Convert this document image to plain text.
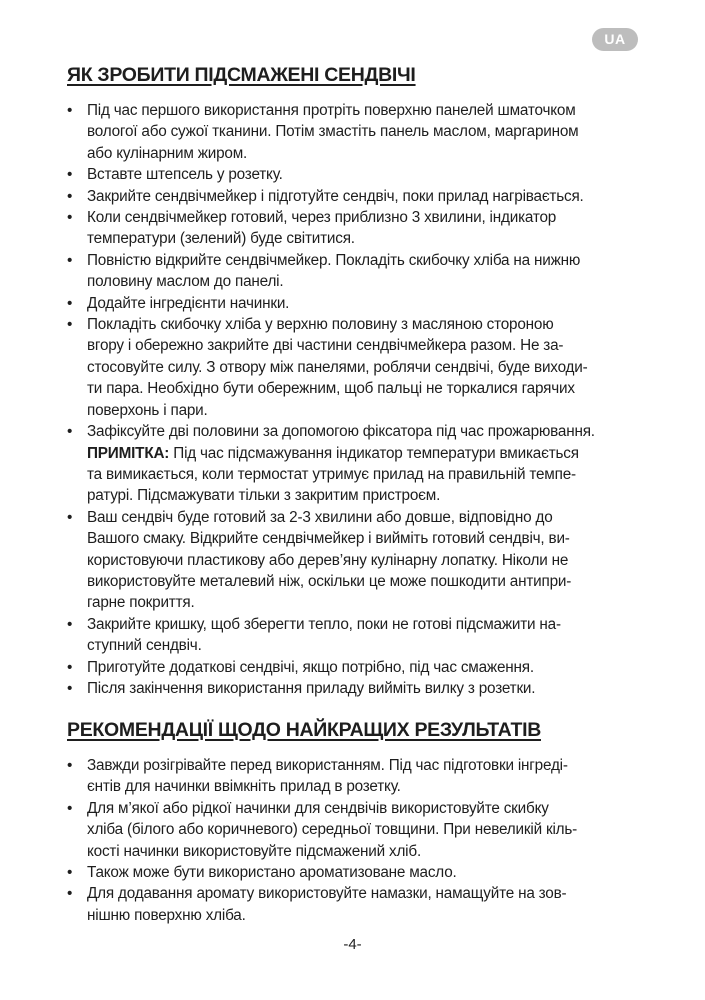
UA
ЯК ЗРОБИТИ ПІДСМАЖЕНІ СЕНДВІЧІ
• Під час першого використання протріть поверхню панелей шматочком
вологої або сужої тканини. Потім змастіть панель маслом, маргарином
або кулінарним жиром.
• Вставте штепсель у розетку.
• Закрийте сендвічмейкер і підготуйте сендвіч, поки прилад нагрівається.
• Коли сендвічмейкер готовий, через приблизно 3 хвилини, індикатор
температури (зелений) буде світитися.
• Повністю відкрийте сендвічмейкер. Покладіть скибочку хліба на нижню
половину маслом до панелі.
• Додайте інгредієнти начинки.
• Покладіть скибочку хліба у верхню половину з масляною стороною
вгору і обережно закрийте дві частини сендвічмейкера разом. Не за-
стосовуйте силу. З отвору між панелями, роблячи сендвічі, буде виходи-
ти пара. Необхідно бути обережним, щоб пальці не торкалися гарячих
поверхонь і пари.
• Зафіксуйте дві половини за допомогою фіксатора під час прожарювання.
ПРИМІТКА: Під час підсмажування індикатор температури вмикається
та вимикається, коли термостат утримує прилад на правильній темпе-
ратурі. Підсмажувати тільки з закритим пристроєм.
• Ваш сендвіч буде готовий за 2-3 хвилини або довше, відповідно до
Вашого смаку. Відкрийте сендвічмейкер і вийміть готовий сендвіч, ви-
користовуючи пластикову або дерев’яну кулінарну лопатку. Ніколи не
використовуйте металевий ніж, оскільки це може пошкодити антипри-
гарне покриття.
• Закрийте кришку, щоб зберегти тепло, поки не готові підсмажити на-
ступний сендвіч.
• Приготуйте додаткові сендвічі, якщо потрібно, під час смаження.
• Після закінчення використання приладу вийміть вилку з розетки.
РЕКОМЕНДАЦІЇ ЩОДО НАЙКРАЩИХ РЕЗУЛЬТАТІВ
• Завжди розігрівайте перед використанням. Під час підготовки інгреді-
єнтів для начинки ввімкніть прилад в розетку.
• Для м’якої або рідкої начинки для сендвічів використовуйте скибку
хліба (білого або коричневого) середньої товщини. При невеликій кіль-
кості начинки використовуйте підсмажений хліб.
• Також може бути використано ароматизоване масло.
• Для додавання аромату використовуйте намазки, намащуйте на зов-
нішню поверхню хліба.
-4-
